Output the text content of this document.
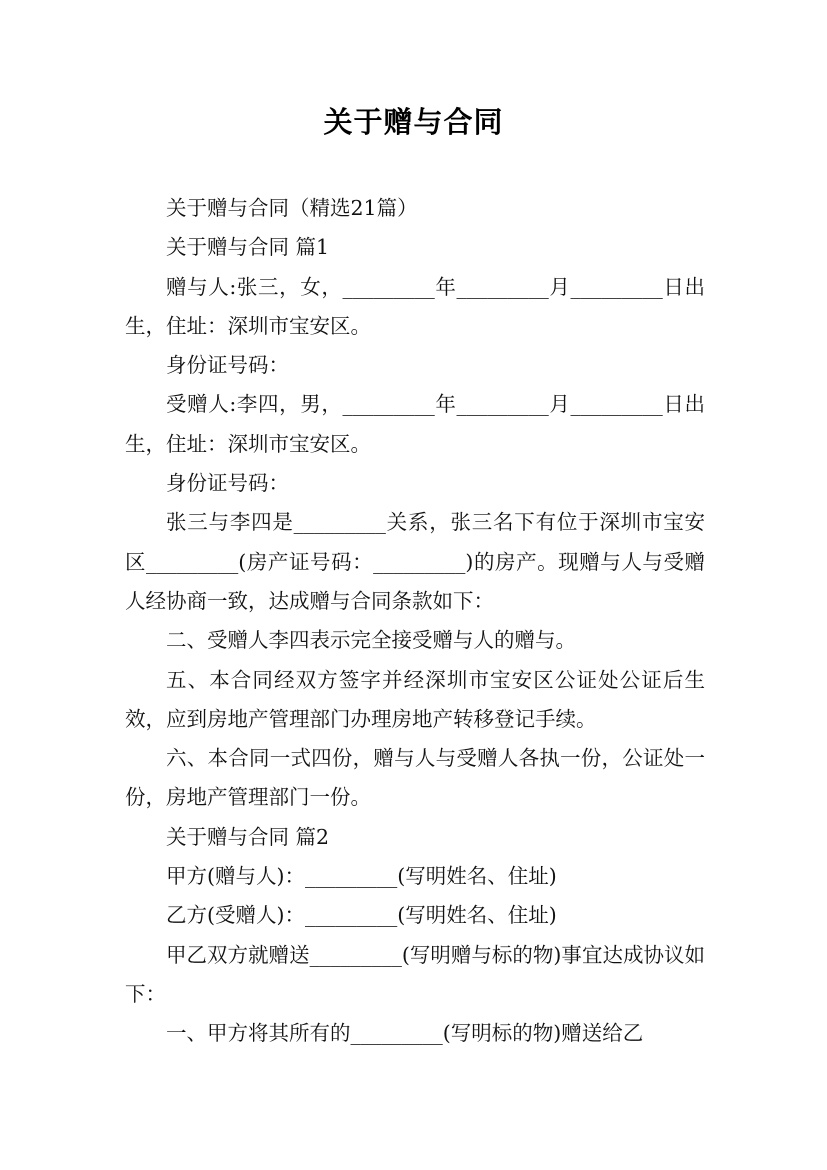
关于赠与合同

关于赠与合同（精选21篇）

关于赠与合同 篇1

赠与人:张三，女，_________年_________月_________日出生，住址：深圳市宝安区。

身份证号码：

受赠人:李四，男，_________年_________月_________日出生，住址：深圳市宝安区。

身份证号码：

张三与李四是_________关系，张三名下有位于深圳市宝安区_________(房产证号码：_________)的房产。现赠与人与受赠人经协商一致，达成赠与合同条款如下：

二、受赠人李四表示完全接受赠与人的赠与。

五、本合同经双方签字并经深圳市宝安区公证处公证后生效，应到房地产管理部门办理房地产转移登记手续。

六、本合同一式四份，赠与人与受赠人各执一份，公证处一份，房地产管理部门一份。

关于赠与合同 篇2

甲方(赠与人)：_________(写明姓名、住址)

乙方(受赠人)：_________(写明姓名、住址)

甲乙双方就赠送_________(写明赠与标的物)事宜达成协议如下：

一、甲方将其所有的_________(写明标的物)赠送给乙
